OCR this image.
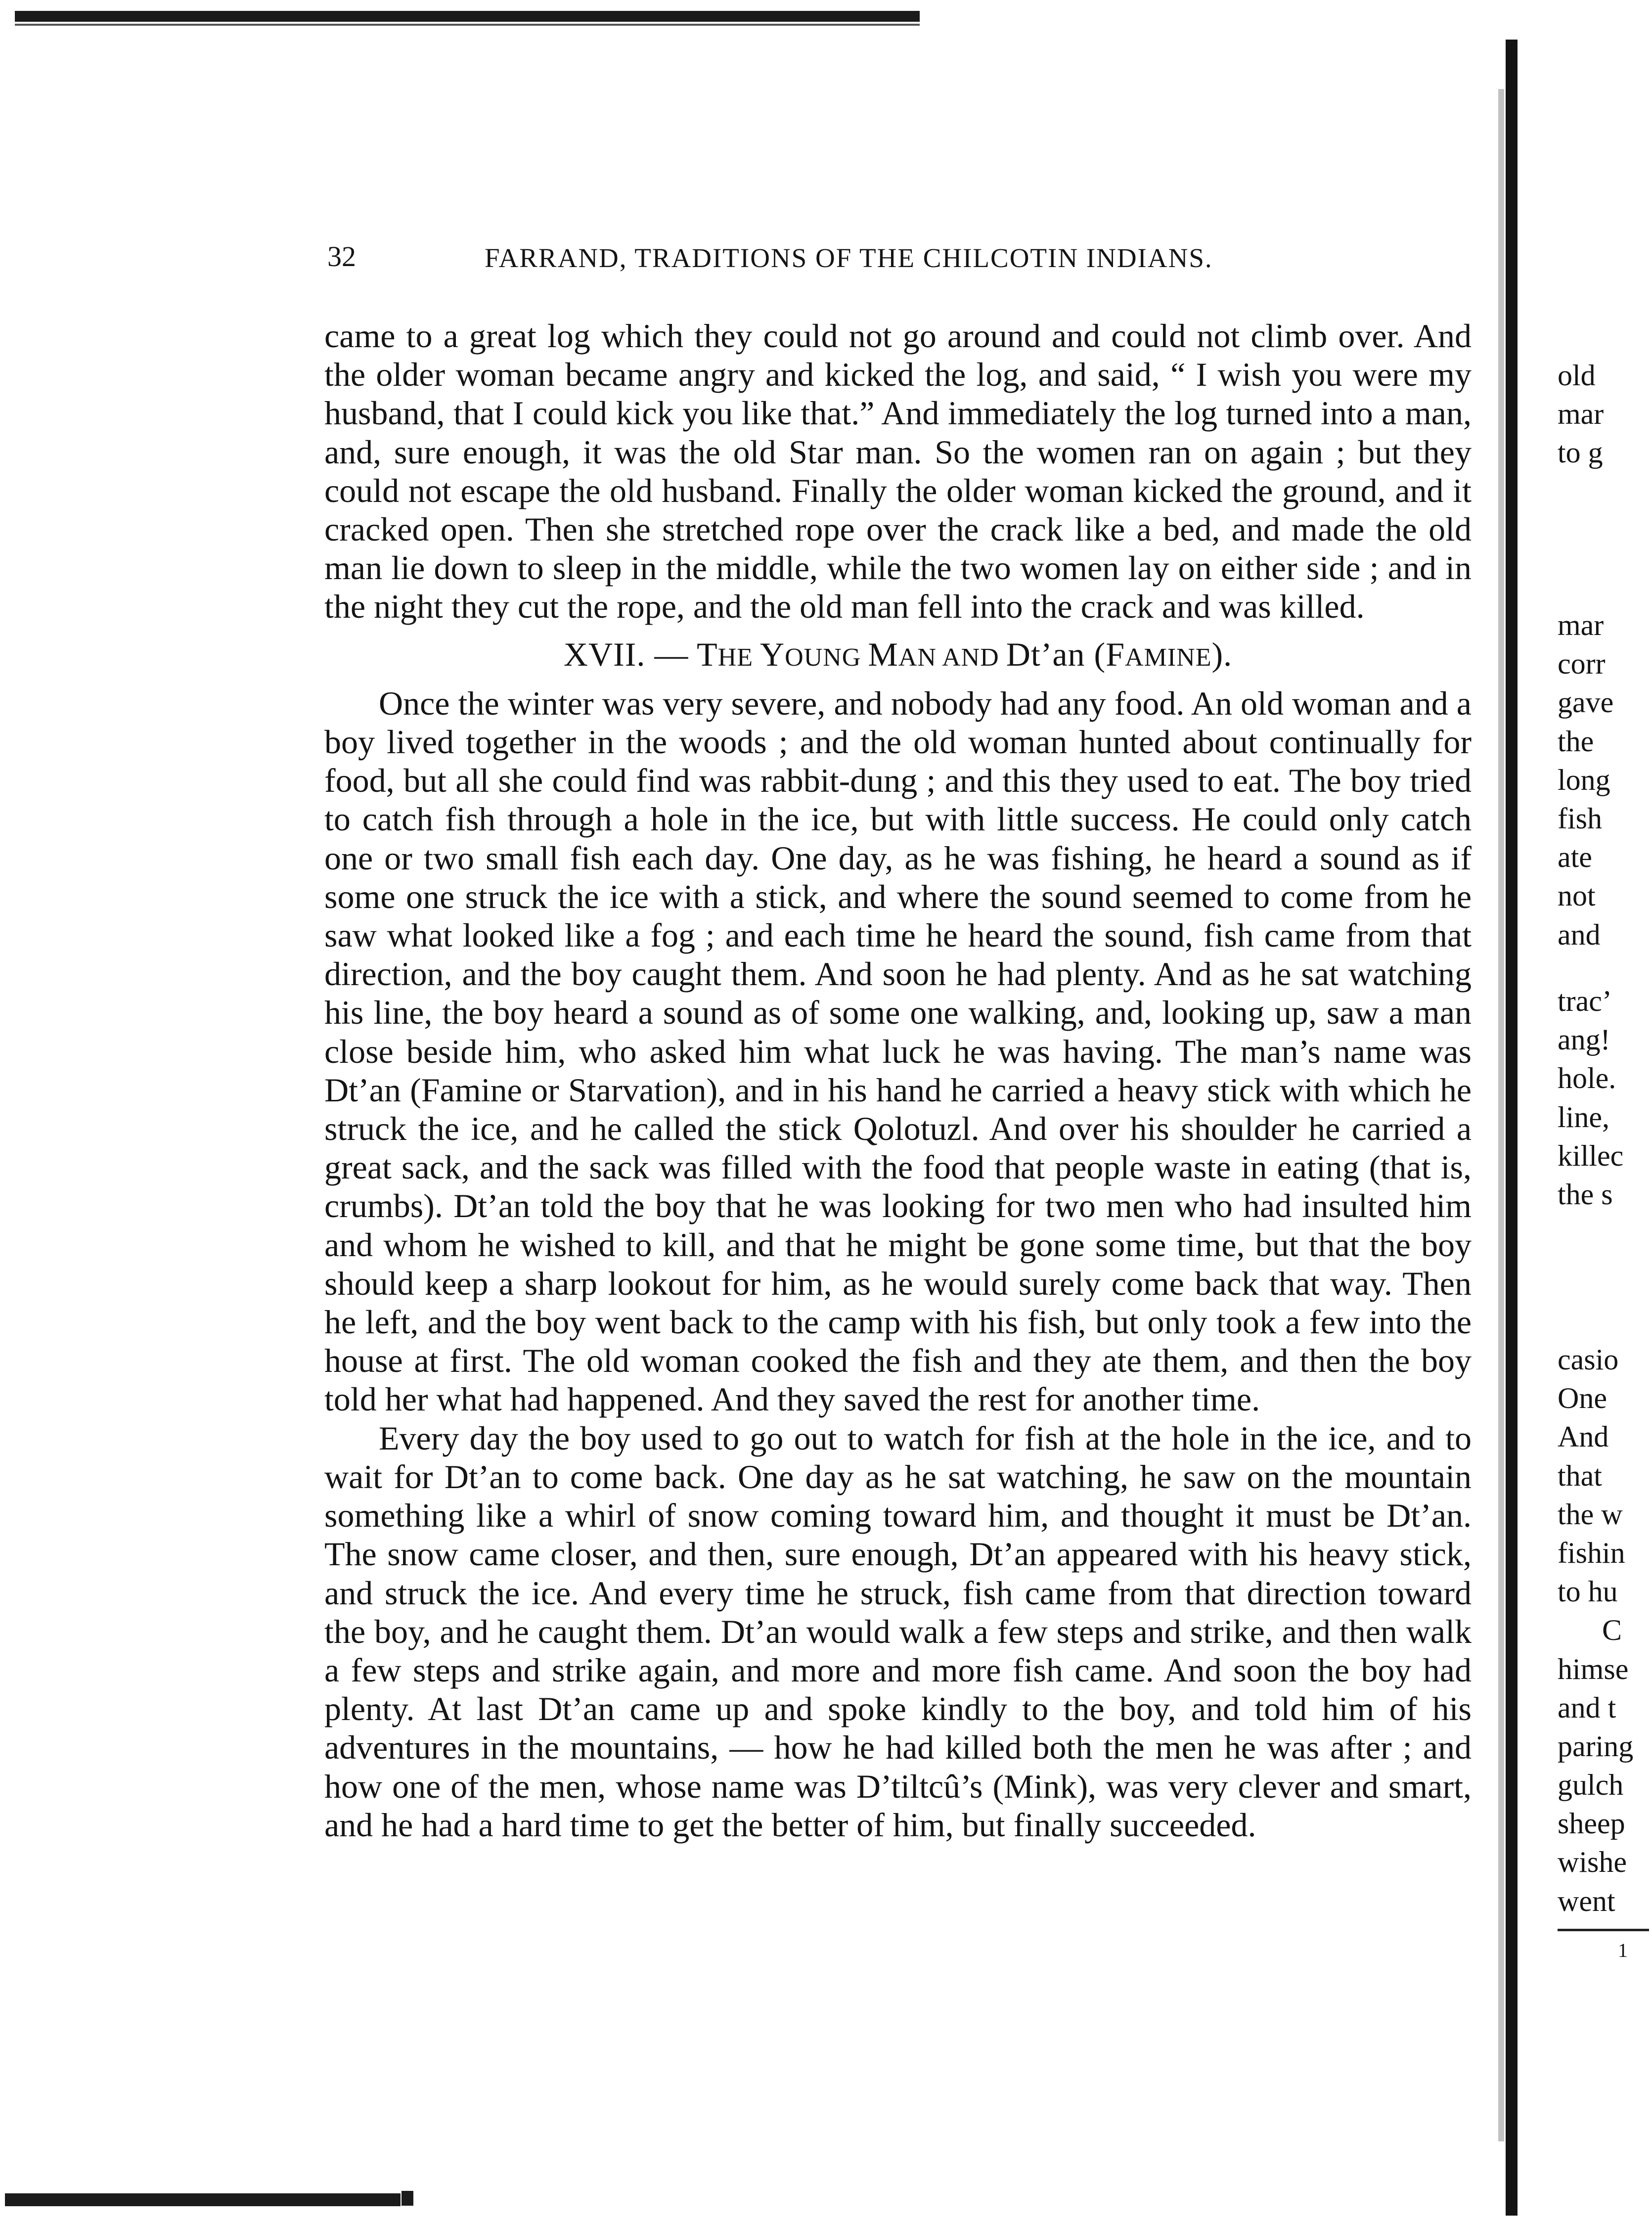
32	FARRAND, TRADITIONS OF THE CHILCOTIN INDIANS.

came to a great log which they could not go around and could not climb over. And the older woman became angry and kicked the log, and said, “ I wish you were my husband, that I could kick you like that.” And immediately the log turned into a man, and, sure enough, it was the old Star man. So the women ran on again ; but they could not escape the old husband. Finally the older woman kicked the ground, and it cracked open. Then she stretched rope over the crack like a bed, and made the old man lie down to sleep in the middle, while the two women lay on either side ; and in the night they cut the rope, and the old man fell into the crack and was killed.

XVII. — THE YOUNG MAN AND Dt’an (FAMINE).

Once the winter was very severe, and nobody had any food. An old woman and a boy lived together in the woods ; and the old woman hunted about continually for food, but all she could find was rabbit-dung ; and this they used to eat. The boy tried to catch fish through a hole in the ice, but with little success. He could only catch one or two small fish each day. One day, as he was fishing, he heard a sound as if some one struck the ice with a stick, and where the sound seemed to come from he saw what looked like a fog ; and each time he heard the sound, fish came from that direction, and the boy caught them. And soon he had plenty. And as he sat watching his line, the boy heard a sound as of some one walking, and, looking up, saw a man close beside him, who asked him what luck he was having. The man’s name was Dt’an (Famine or Starvation), and in his hand he carried a heavy stick with which he struck the ice, and he called the stick Qolotuzl. And over his shoulder he carried a great sack, and the sack was filled with the food that people waste in eating (that is, crumbs). Dt’an told the boy that he was looking for two men who had insulted him and whom he wished to kill, and that he might be gone some time, but that the boy should keep a sharp lookout for him, as he would surely come back that way. Then he left, and the boy went back to the camp with his fish, but only took a few into the house at first. The old woman cooked the fish and they ate them, and then the boy told her what had happened. And they saved the rest for another time.

Every day the boy used to go out to watch for fish at the hole in the ice, and to wait for Dt’an to come back. One day as he sat watching, he saw on the mountain something like a whirl of snow coming toward him, and thought it must be Dt’an. The snow came closer, and then, sure enough, Dt’an appeared with his heavy stick, and struck the ice. And every time he struck, fish came from that direction toward the boy, and he caught them. Dt’an would walk a few steps and strike, and then walk a few steps and strike again, and more and more fish came. And soon the boy had plenty. At last Dt’an came up and spoke kindly to the boy, and told him of his adventures in the mountains, — how he had killed both the men he was after ; and how one of the men, whose name was D’tiltcû’s (Mink), was very clever and smart, and he had a hard time to get the better of him, but finally succeeded.

old
mar
to g
mar
corr
gave
the
long
fish
ate
not
and
trac’
ang!
hole.
line,
killec
the s
casio
One
And
that
the w
fishin
to hu
C
himse
and t
paring
gulch
sheep
wishe
went
1
